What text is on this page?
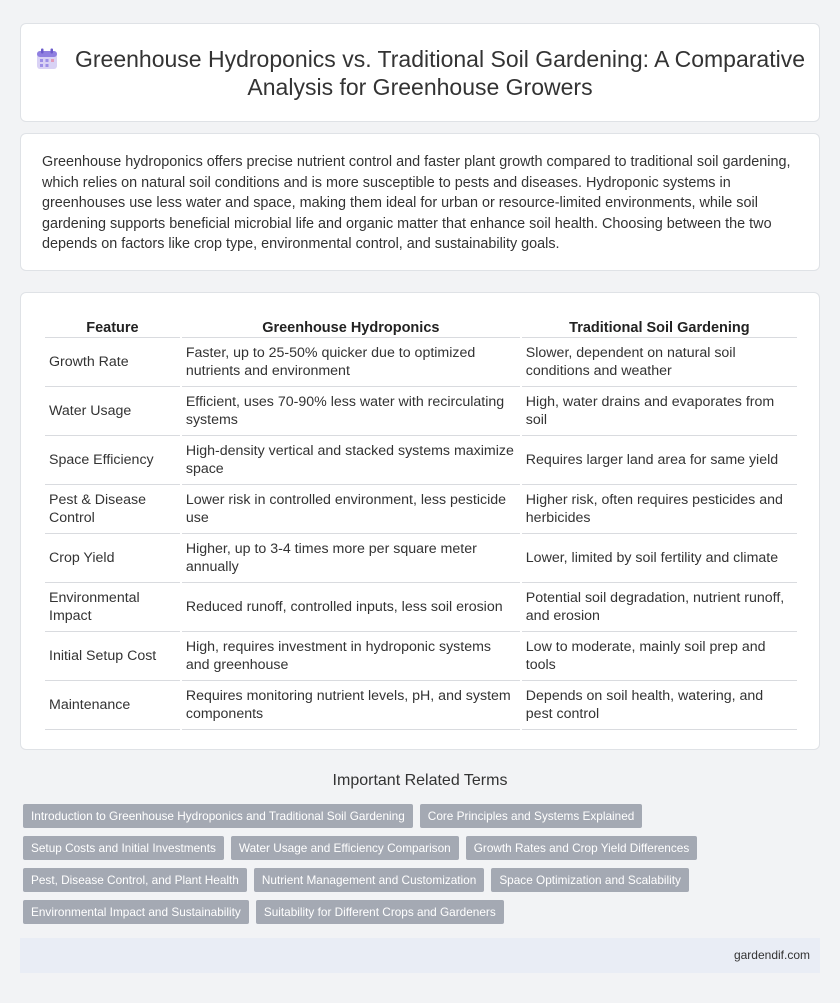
Greenhouse Hydroponics vs. Traditional Soil Gardening: A Comparative Analysis for Greenhouse Growers

Greenhouse hydroponics offers precise nutrient control and faster plant growth compared to traditional soil gardening, which relies on natural soil conditions and is more susceptible to pests and diseases. Hydroponic systems in greenhouses use less water and space, making them ideal for urban or resource-limited environments, while soil gardening supports beneficial microbial life and organic matter that enhance soil health. Choosing between the two depends on factors like crop type, environmental control, and sustainability goals.

Feature	Greenhouse Hydroponics	Traditional Soil Gardening
Growth Rate	Faster, up to 25-50% quicker due to optimized nutrients and environment	Slower, dependent on natural soil conditions and weather
Water Usage	Efficient, uses 70-90% less water with recirculating systems	High, water drains and evaporates from soil
Space Efficiency	High-density vertical and stacked systems maximize space	Requires larger land area for same yield
Pest & Disease Control	Lower risk in controlled environment, less pesticide use	Higher risk, often requires pesticides and herbicides
Crop Yield	Higher, up to 3-4 times more per square meter annually	Lower, limited by soil fertility and climate
Environmental Impact	Reduced runoff, controlled inputs, less soil erosion	Potential soil degradation, nutrient runoff, and erosion
Initial Setup Cost	High, requires investment in hydroponic systems and greenhouse	Low to moderate, mainly soil prep and tools
Maintenance	Requires monitoring nutrient levels, pH, and system components	Depends on soil health, watering, and pest control
Important Related Terms
Introduction to Greenhouse Hydroponics and Traditional Soil Gardening	Core Principles and Systems Explained
Setup Costs and Initial Investments	Water Usage and Efficiency Comparison	Growth Rates and Crop Yield Differences
Pest, Disease Control, and Plant Health	Nutrient Management and Customization	Space Optimization and Scalability
Environmental Impact and Sustainability	Suitability for Different Crops and Gardeners
gardendif.com
